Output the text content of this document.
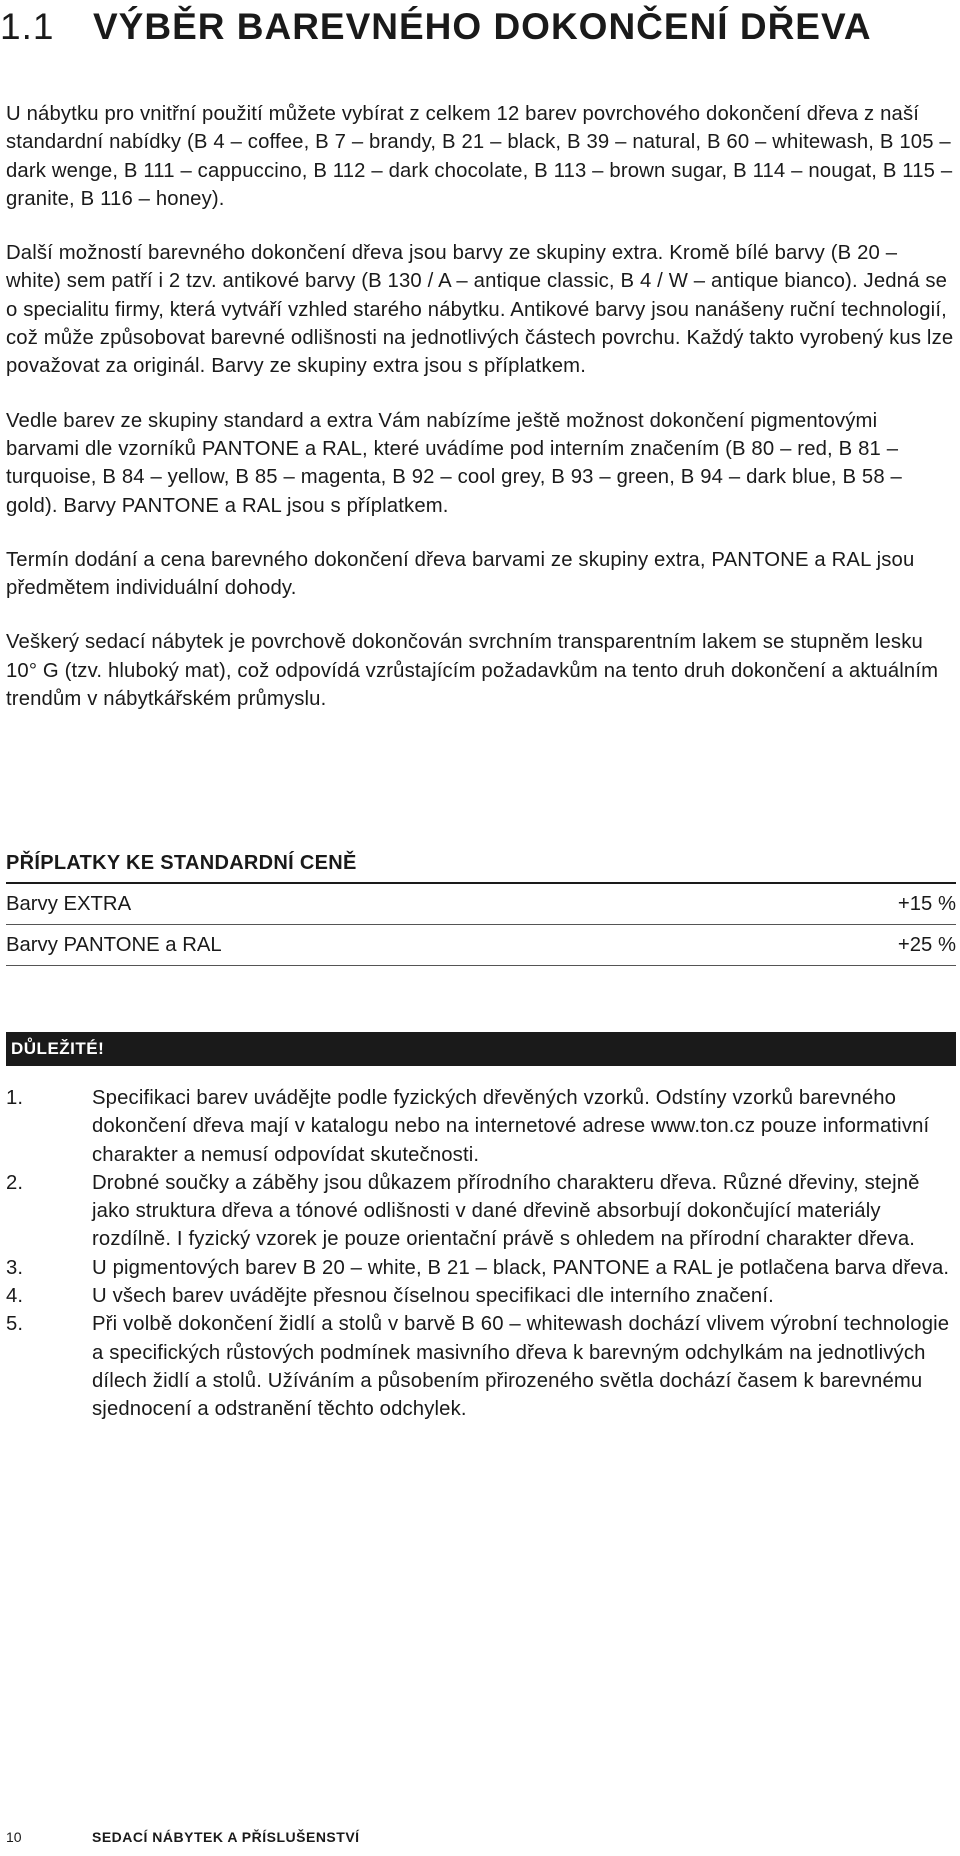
1.1 VÝBĚR BAREVNÉHO DOKONČENÍ DŘEVA

U nábytku pro vnitřní použití můžete vybírat z celkem 12 barev povrchového dokončení dřeva z naší standardní nabídky (B 4 – coffee, B 7 – brandy, B 21 – black, B 39 – natural, B 60 – whitewash, B 105 – dark wenge, B 111 – cappuccino, B 112 – dark chocolate, B 113 – brown sugar, B 114 – nougat, B 115 – granite, B 116 – honey).

Další možností barevného dokončení dřeva jsou barvy ze skupiny extra. Kromě bílé barvy (B 20 – white) sem patří i 2 tzv. antikové barvy (B 130 / A – antique classic, B 4 / W – antique bianco). Jedná se o specialitu firmy, která vytváří vzhled starého nábytku. Antikové barvy jsou nanášeny ruční technologií, což může způsobovat barevné odlišnosti na jednotlivých částech povrchu. Každý takto vyrobený kus lze považovat za originál. Barvy ze skupiny extra jsou s příplatkem.

Vedle barev ze skupiny standard a extra Vám nabízíme ještě možnost dokončení pigmentovými barvami dle vzorníků PANTONE a RAL, které uvádíme pod interním značením (B 80 – red, B 81 – turquoise, B 84 – yellow, B 85 – magenta, B 92 – cool grey, B 93 – green, B 94 – dark blue, B 58 – gold). Barvy PANTONE a RAL jsou s příplatkem.

Termín dodání a cena barevného dokončení dřeva barvami ze skupiny extra, PANTONE a RAL jsou předmětem individuální dohody.

Veškerý sedací nábytek je povrchově dokončován svrchním transparentním lakem se stupněm lesku 10° G (tzv. hluboký mat), což odpovídá vzrůstajícím požadavkům na tento druh dokončení a aktuálním trendům v nábytkářském průmyslu.

PŘÍPLATKY KE STANDARDNÍ CENĚ
Barvy EXTRA	+15 %
Barvy PANTONE a RAL	+25 %
DŮLEŽITÉ!
1.	Specifikaci barev uvádějte podle fyzických dřevěných vzorků. Odstíny vzorků barevného dokončení dřeva mají v katalogu nebo na internetové adrese www.ton.cz pouze informativní charakter a nemusí odpovídat skutečnosti.
2.	Drobné součky a záběhy jsou důkazem přírodního charakteru dřeva. Různé dřeviny, stejně jako struktura dřeva a tónové odlišnosti v dané dřevině absorbují dokončující materiály rozdílně. I fyzický vzorek je pouze orientační právě s ohledem na přírodní charakter dřeva.
3.	U pigmentových barev B 20 – white, B 21 – black, PANTONE a RAL je potlačena barva dřeva.
4.	U všech barev uvádějte přesnou číselnou specifikaci dle interního značení.
5.	Při volbě dokončení židlí a stolů v barvě B 60 – whitewash dochází vlivem výrobní technologie a specifických růstových podmínek masivního dřeva k barevným odchylkám na jednotlivých dílech židlí a stolů. Užíváním a působením přirozeného světla dochází časem k barevnému sjednocení a odstranění těchto odchylek.
10	SEDACÍ NÁBYTEK A PŘÍSLUŠENSTVÍ
